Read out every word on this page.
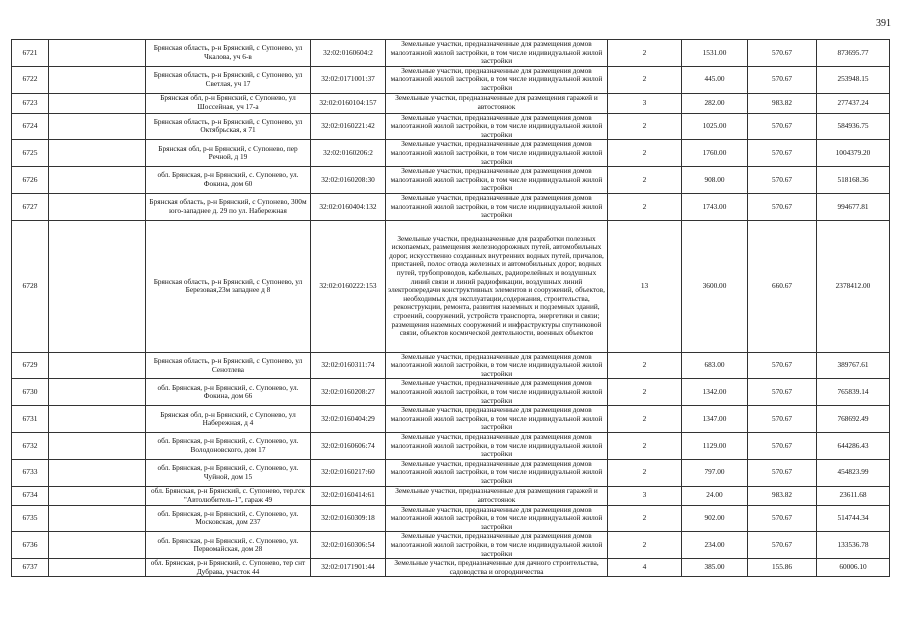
391
6721		Брянская область, р-н Брянский, с Супонево, ул Чкалова, уч 6-в	32:02:0160604:2	Земельные участки, предназначенные для размещения домов малоэтажной жилой застройки, в том числе индивидуальной жилой застройки	2	1531.00	570.67	873695.77
6722		Брянская область, р-н Брянский, с Супонево, ул Светлая, уч 17	32:02:0171001:37	Земельные участки, предназначенные для размещения домов малоэтажной жилой застройки, в том числе индивидуальной жилой застройки	2	445.00	570.67	253948.15
6723		Брянская обл, р-н Брянский, с Супонево, ул Шоссейная, уч 17-а	32:02:0160104:157	Земельные участки, предназначенные для размещения гаражей и автостоянок	3	282.00	983.82	277437.24
6724		Брянская область, р-н Брянский, с Супонево, ул Октябрьская, я 71	32:02:0160221:42	Земельные участки, предназначенные для размещения домов малоэтажной жилой застройки, в том числе индивидуальной жилой застройки	2	1025.00	570.67	584936.75
6725		Брянская обл, р-н Брянский, с Супонево, пер Речной, д 19	32:02:0160206:2	Земельные участки, предназначенные для размещения домов малоэтажной жилой застройки, в том числе индивидуальной жилой застройки	2	1760.00	570.67	1004379.20
6726		обл. Брянская, р-н Брянский, с. Супонево, ул. Фокина, дом 60	32:02:0160208:30	Земельные участки, предназначенные для размещения домов малоэтажной жилой застройки, в том числе индивидуальной жилой застройки	2	908.00	570.67	518168.36
6727		Брянская область, р-н Брянский, с Супонево, 300м юго-западнее д. 29 по ул. Набережная	32:02:0160404:132	Земельные участки, предназначенные для размещения домов малоэтажной жилой застройки, в том числе индивидуальной жилой застройки	2	1743.00	570.67	994677.81
6728		Брянская область, р-н Брянский, с Супонево, ул Березовая,23м западнее д 8	32:02:0160222:153	Земельные участки, предназначенные для разработки полезных ископаемых, размещения железнодорожных путей, автомобильных дорог, искусственно созданных внутренних водных путей, причалов, пристаней, полос отвода железных и автомобильных дорог, водных путей, трубопроводов, кабельных, радиорелейных и воздушных линий связи и линий радиофикации, воздушных линий электропередачи конструктивных элементов и сооружений, объектов, необходимых для эксплуатации,содержания, строительства, реконструкции, ремонта, развития наземных и подземных зданий, строений, сооружений, устройств транспорта, энергетики и связи; размещения наземных сооружений и инфраструктуры спутниковой связи, объектов космической деятельности, военных объектов	13	3600.00	660.67	2378412.00
6729		Брянская область, р-н Брянский, с Супонево, ул Сенотлева	32:02:0160311:74	Земельные участки, предназначенные для размещения домов малоэтажной жилой застройки, в том числе индивидуальной жилой застройки	2	683.00	570.67	389767.61
6730		обл. Брянская, р-н Брянский, с. Супонево, ул. Фокина, дом 66	32:02:0160208:27	Земельные участки, предназначенные для размещения домов малоэтажной жилой застройки, в том числе индивидуальной жилой застройки	2	1342.00	570.67	765839.14
6731		Брянская обл, р-н Брянский, с Супонево, ул Набережная, д 4	32:02:0160404:29	Земельные участки, предназначенные для размещения домов малоэтажной жилой застройки, в том числе индивидуальной жилой застройки	2	1347.00	570.67	768692.49
6732		обл. Брянская, р-н Брянский, с. Супонево, ул. Володоновского, дом 17	32:02:0160606:74	Земельные участки, предназначенные для размещения домов малоэтажной жилой застройки, в том числе индивидуальной жилой застройки	2	1129.00	570.67	644286.43
6733		обл. Брянская, р-н Брянский, с. Супонево, ул. Чуйной, дом 15	32:02:0160217:60	Земельные участки, предназначенные для размещения домов малоэтажной жилой застройки, в том числе индивидуальной жилой застройки	2	797.00	570.67	454823.99
6734		обл. Брянская, р-н Брянский, с. Супонево, тер.гск "Автолюбитель-1", гараж 49	32:02:0160414:61	Земельные участки, предназначенные для размещения гаражей и автостоянок	3	24.00	983.82	23611.68
6735		обл. Брянская, р-н Брянский, с. Супонево, ул. Московская, дом 237	32:02:0160309:18	Земельные участки, предназначенные для размещения домов малоэтажной жилой застройки, в том числе индивидуальной жилой застройки	2	902.00	570.67	514744.34
6736		обл. Брянская, р-н Брянский, с. Супонево, ул. Первомайская, дом 28	32:02:0160306:54	Земельные участки, предназначенные для размещения домов малоэтажной жилой застройки, в том числе индивидуальной жилой застройки	2	234.00	570.67	133536.78
6737		обл. Брянская, р-н Брянский, с. Супонево, тер снт Дубрава, участок 44	32:02:0171901:44	Земельные участки, предназначенные для дачного строительства, садоводства и огородничества	4	385.00	155.86	60006.10
